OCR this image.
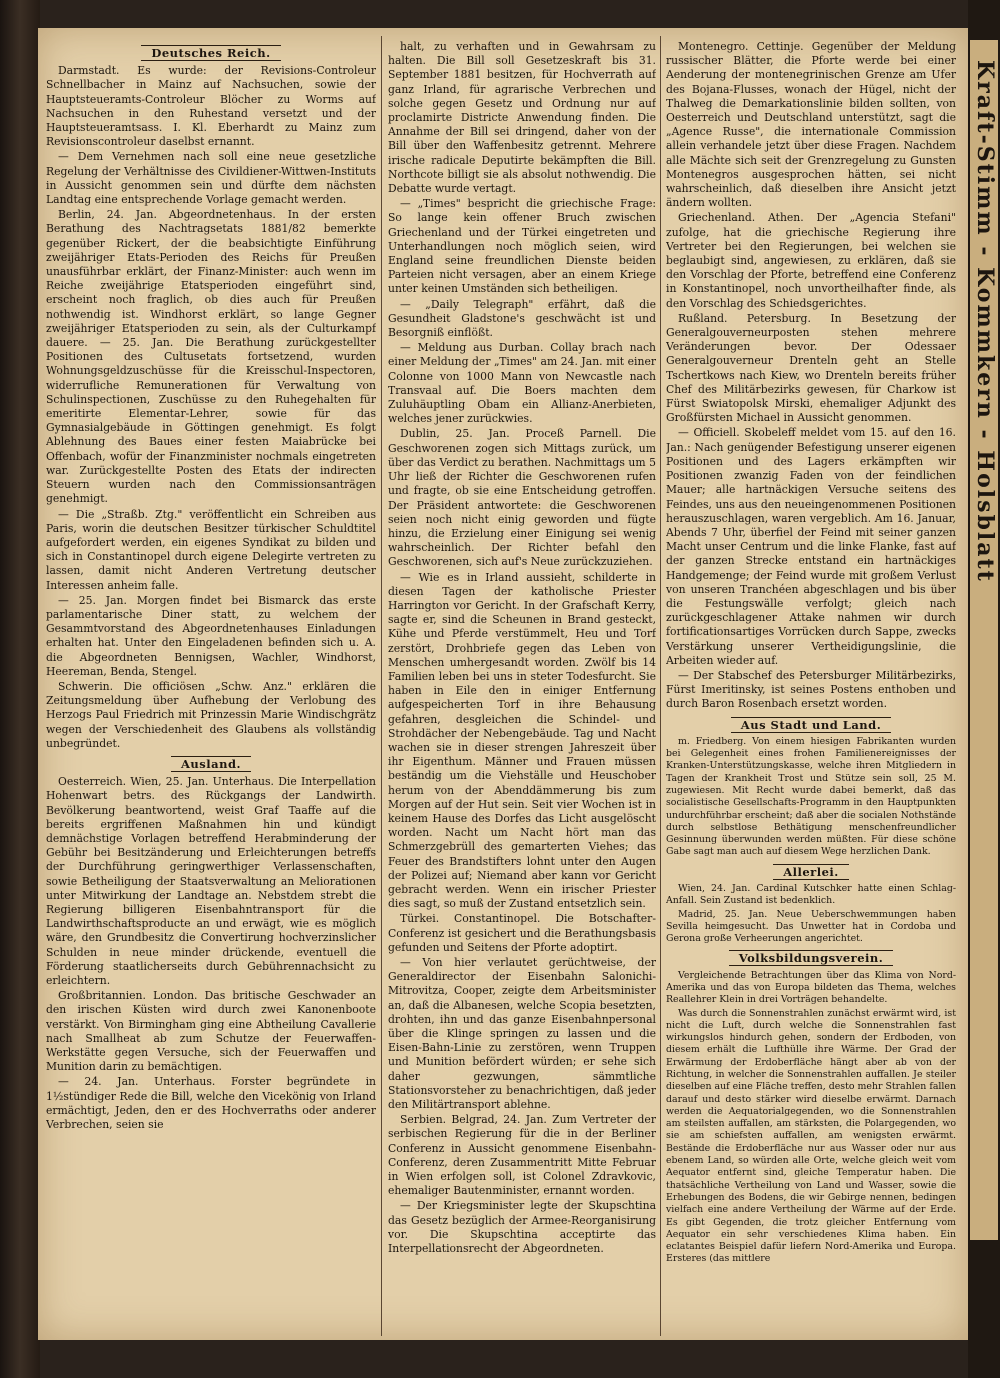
Deutsches Reich.

Darmstadt. Es wurde: der Revisions-Controleur Schnellbacher in Mainz auf Nachsuchen, sowie der Hauptsteueramts-Controleur Blöcher zu Worms auf Nachsuchen in den Ruhestand versetzt und der Hauptsteueramtsass. I. Kl. Eberhardt zu Mainz zum Revisionscontroleur daselbst ernannt.

— Dem Vernehmen nach soll eine neue gesetzliche Regelung der Verhältnisse des Civildiener-Wittwen-Instituts in Aussicht genommen sein und dürfte dem nächsten Landtag eine entsprechende Vorlage gemacht werden.

Berlin, 24. Jan. Abgeordnetenhaus. In der ersten Berathung des Nachtragsetats 1881/82 bemerkte gegenüber Rickert, der die beabsichtigte Einführung zweijähriger Etats-Perioden des Reichs für Preußen unausführbar erklärt, der Finanz-Minister: auch wenn im Reiche zweijährige Etatsperioden eingeführt sind, erscheint noch fraglich, ob dies auch für Preußen nothwendig ist. Windhorst erklärt, so lange Gegner zweijähriger Etatsperioden zu sein, als der Culturkampf dauere. — 25. Jan. Die Berathung zurückgestellter Positionen des Cultusetats fortsetzend, wurden Wohnungsgeldzuschüsse für die Kreisschul-Inspectoren, widerrufliche Remunerationen für Verwaltung von Schulinspectionen, Zuschüsse zu den Ruhegehalten für emeritirte Elementar-Lehrer, sowie für das Gymnasialgebäude in Göttingen genehmigt. Es folgt Ablehnung des Baues einer festen Maiabrücke bei Offenbach, wofür der Finanzminister nochmals eingetreten war. Zurückgestellte Posten des Etats der indirecten Steuern wurden nach den Commissionsanträgen genehmigt.

— Die „Straßb. Ztg." veröffentlicht ein Schreiben aus Paris, worin die deutschen Besitzer türkischer Schuldtitel aufgefordert werden, ein eigenes Syndikat zu bilden und sich in Constantinopel durch eigene Delegirte vertreten zu lassen, damit nicht Anderen Vertretung deutscher Interessen anheim falle.

— 25. Jan. Morgen findet bei Bismarck das erste parlamentarische Diner statt, zu welchem der Gesammtvorstand des Abgeordnetenhauses Einladungen erhalten hat. Unter den Eingeladenen befinden sich u. A. die Abgeordneten Bennigsen, Wachler, Windhorst, Heereman, Benda, Stengel.

Schwerin. Die officiösen „Schw. Anz." erklären die Zeitungsmeldung über Aufhebung der Verlobung des Herzogs Paul Friedrich mit Prinzessin Marie Windischgrätz wegen der Verschiedenheit des Glaubens als vollständig unbegründet.

Ausland.

Oesterreich. Wien, 25. Jan. Unterhaus. Die Interpellation Hohenwart betrs. des Rückgangs der Landwirth. Bevölkerung beantwortend, weist Graf Taaffe auf die bereits ergriffenen Maßnahmen hin und kündigt demnächstige Vorlagen betreffend Herabminderung der Gebühr bei Besitzänderung und Erleichterungen betreffs der Durchführung geringwerthiger Verlassenschaften, sowie Betheiligung der Staatsverwaltung an Meliorationen unter Mitwirkung der Landtage an. Nebstdem strebt die Regierung billigeren Eisenbahntransport für die Landwirthschaftsproducte an und erwägt, wie es möglich wäre, den Grundbesitz die Convertirung hochverzinslicher Schulden in neue minder drückende, eventuell die Förderung staatlicherseits durch Gebührennachsicht zu erleichtern.

Großbritannien. London. Das britische Geschwader an den irischen Küsten wird durch zwei Kanonenboote verstärkt. Von Birmingham ging eine Abtheilung Cavallerie nach Smallheat ab zum Schutze der Feuerwaffen-Werkstätte gegen Versuche, sich der Feuerwaffen und Munition darin zu bemächtigen.

— 24. Jan. Unterhaus. Forster begründete in 1½stündiger Rede die Bill, welche den Vicekönig von Irland ermächtigt, Jeden, den er des Hochverraths oder anderer Verbrechen, seien sie

halt, zu verhaften und in Gewahrsam zu halten. Die Bill soll Gesetzeskraft bis 31. September 1881 besitzen, für Hochverrath auf ganz Irland, für agrarische Verbrechen und solche gegen Gesetz und Ordnung nur auf proclamirte Districte Anwendung finden. Die Annahme der Bill sei dringend, daher von der Bill über den Waffenbesitz getrennt. Mehrere irische radicale Deputirte bekämpften die Bill. Northcote billigt sie als absolut nothwendig. Die Debatte wurde vertagt.

— „Times" bespricht die griechische Frage: So lange kein offener Bruch zwischen Griechenland und der Türkei eingetreten und Unterhandlungen noch möglich seien, wird England seine freundlichen Dienste beiden Parteien nicht versagen, aber an einem Kriege unter keinen Umständen sich betheiligen.

— „Daily Telegraph" erfährt, daß die Gesundheit Gladstone's geschwächt ist und Besorgniß einflößt.

— Meldung aus Durban. Collay brach nach einer Meldung der „Times" am 24. Jan. mit einer Colonne von 1000 Mann von Newcastle nach Transvaal auf. Die Boers machten dem Zuluhäuptling Obam ein Allianz-Anerbieten, welches jener zurückwies.

Dublin, 25. Jan. Proceß Parnell. Die Geschworenen zogen sich Mittags zurück, um über das Verdict zu berathen. Nachmittags um 5 Uhr ließ der Richter die Geschworenen rufen und fragte, ob sie eine Entscheidung getroffen. Der Präsident antwortete: die Geschworenen seien noch nicht einig geworden und fügte hinzu, die Erzielung einer Einigung sei wenig wahrscheinlich. Der Richter befahl den Geschworenen, sich auf's Neue zurückzuziehen.

— Wie es in Irland aussieht, schilderte in diesen Tagen der katholische Priester Harrington vor Gericht. In der Grafschaft Kerry, sagte er, sind die Scheunen in Brand gesteckt, Kühe und Pferde verstümmelt, Heu und Torf zerstört, Drohbriefe gegen das Leben von Menschen umhergesandt worden. Zwölf bis 14 Familien leben bei uns in steter Todesfurcht. Sie haben in Eile den in einiger Entfernung aufgespeicherten Torf in ihre Behausung gefahren, desgleichen die Schindel- und Strohdächer der Nebengebäude. Tag und Nacht wachen sie in dieser strengen Jahreszeit über ihr Eigenthum. Männer und Frauen müssen beständig um die Viehställe und Heuschober herum von der Abenddämmerung bis zum Morgen auf der Hut sein. Seit vier Wochen ist in keinem Hause des Dorfes das Licht ausgelöscht worden. Nacht um Nacht hört man das Schmerzgebrüll des gemarterten Viehes; das Feuer des Brandstifters lohnt unter den Augen der Polizei auf; Niemand aber kann vor Gericht gebracht werden. Wenn ein irischer Priester dies sagt, so muß der Zustand entsetzlich sein.

Türkei. Constantinopel. Die Botschafter-Conferenz ist gesichert und die Berathungsbasis gefunden und Seitens der Pforte adoptirt.

— Von hier verlautet gerüchtweise, der Generaldirector der Eisenbahn Salonichi-Mitrovitza, Cooper, zeigte dem Arbeitsminister an, daß die Albanesen, welche Scopia besetzten, drohten, ihn und das ganze Eisenbahnpersonal über die Klinge springen zu lassen und die Eisen-Bahn-Linie zu zerstören, wenn Truppen und Munition befördert würden; er sehe sich daher gezwungen, sämmtliche Stationsvorsteher zu benachrichtigen, daß jeder den Militärtransport ablehne.

Serbien. Belgrad, 24. Jan. Zum Vertreter der serbischen Regierung für die in der Berliner Conferenz in Aussicht genommene Eisenbahn-Conferenz, deren Zusammentritt Mitte Februar in Wien erfolgen soll, ist Colonel Zdravkovic, ehemaliger Bautenminister, ernannt worden.

— Der Kriegsminister legte der Skupschtina das Gesetz bezüglich der Armee-Reorganisirung vor. Die Skupschtina acceptirte das Interpellationsrecht der Abgeordneten.

Montenegro. Cettinje. Gegenüber der Meldung russischer Blätter, die Pforte werde bei einer Aenderung der montenegrinischen Grenze am Ufer des Bojana-Flusses, wonach der Hügel, nicht der Thalweg die Demarkationslinie bilden sollten, von Oesterreich und Deutschland unterstützt, sagt die „Agence Russe", die internationale Commission allein verhandele jetzt über diese Fragen. Nachdem alle Mächte sich seit der Grenzregelung zu Gunsten Montenegros ausgesprochen hätten, sei nicht wahrscheinlich, daß dieselben ihre Ansicht jetzt ändern wollten.

Griechenland. Athen. Der „Agencia Stefani" zufolge, hat die griechische Regierung ihre Vertreter bei den Regierungen, bei welchen sie beglaubigt sind, angewiesen, zu erklären, daß sie den Vorschlag der Pforte, betreffend eine Conferenz in Konstantinopel, noch unvortheilhafter finde, als den Vorschlag des Schiedsgerichtes.

Rußland. Petersburg. In Besetzung der Generalgouverneurposten stehen mehrere Veränderungen bevor. Der Odessaer Generalgouverneur Drenteln geht an Stelle Tschertkows nach Kiew, wo Drenteln bereits früher Chef des Militärbezirks gewesen, für Charkow ist Fürst Swiatopolsk Mirski, ehemaliger Adjunkt des Großfürsten Michael in Aussicht genommen.

— Officiell. Skobeleff meldet vom 15. auf den 16. Jan.: Nach genügender Befestigung unserer eigenen Positionen und des Lagers erkämpften wir Positionen zwanzig Faden von der feindlichen Mauer; alle hartnäckigen Versuche seitens des Feindes, uns aus den neueingenommenen Positionen herauszuschlagen, waren vergeblich. Am 16. Januar, Abends 7 Uhr, überfiel der Feind mit seiner ganzen Macht unser Centrum und die linke Flanke, fast auf der ganzen Strecke entstand ein hartnäckiges Handgemenge; der Feind wurde mit großem Verlust von unseren Tranchéen abgeschlagen und bis über die Festungswälle verfolgt; gleich nach zurückgeschlagener Attake nahmen wir durch fortificationsartiges Vorrücken durch Sappe, zwecks Verstärkung unserer Vertheidigungslinie, die Arbeiten wieder auf.

— Der Stabschef des Petersburger Militärbezirks, Fürst Imeritinsky, ist seines Postens enthoben und durch Baron Rosenbach ersetzt worden.

Aus Stadt und Land.

m. Friedberg. Von einem hiesigen Fabrikanten wurden bei Gelegenheit eines frohen Familienereignisses der Kranken-Unterstützungskasse, welche ihren Mitgliedern in Tagen der Krankheit Trost und Stütze sein soll, 25 M. zugewiesen. Mit Recht wurde dabei bemerkt, daß das socialistische Gesellschafts-Programm in den Hauptpunkten undurchführbar erscheint; daß aber die socialen Nothstände durch selbstlose Bethätigung menschenfreundlicher Gesinnung überwunden werden müßten. Für diese schöne Gabe sagt man auch auf diesem Wege herzlichen Dank.

Allerlei.

Wien, 24. Jan. Cardinal Kutschker hatte einen Schlag-Anfall. Sein Zustand ist bedenklich.

Madrid, 25. Jan. Neue Ueberschwemmungen haben Sevilla heimgesucht. Das Unwetter hat in Cordoba und Gerona große Verheerungen angerichtet.

Volksbildungsverein.

Vergleichende Betrachtungen über das Klima von Nord-Amerika und das von Europa bildeten das Thema, welches Reallehrer Klein in drei Vorträgen behandelte.

Was durch die Sonnenstrahlen zunächst erwärmt wird, ist nicht die Luft, durch welche die Sonnenstrahlen fast wirkungslos hindurch gehen, sondern der Erdboden, von diesem erhält die Lufthülle ihre Wärme. Der Grad der Erwärmung der Erdoberfläche hängt aber ab von der Richtung, in welcher die Sonnenstrahlen auffallen. Je steiler dieselben auf eine Fläche treffen, desto mehr Strahlen fallen darauf und desto stärker wird dieselbe erwärmt. Darnach werden die Aequatorialgegenden, wo die Sonnenstrahlen am steilsten auffallen, am stärksten, die Polargegenden, wo sie am schiefsten auffallen, am wenigsten erwärmt. Bestände die Erdoberfläche nur aus Wasser oder nur aus ebenem Land, so würden alle Orte, welche gleich weit vom Aequator entfernt sind, gleiche Temperatur haben. Die thatsächliche Vertheilung von Land und Wasser, sowie die Erhebungen des Bodens, die wir Gebirge nennen, bedingen vielfach eine andere Vertheilung der Wärme auf der Erde. Es gibt Gegenden, die trotz gleicher Entfernung vom Aequator ein sehr verschiedenes Klima haben. Ein eclatantes Beispiel dafür liefern Nord-Amerika und Europa. Ersteres (das mittlere

Kraft-Stimm - Kommkern - Holsblatt
